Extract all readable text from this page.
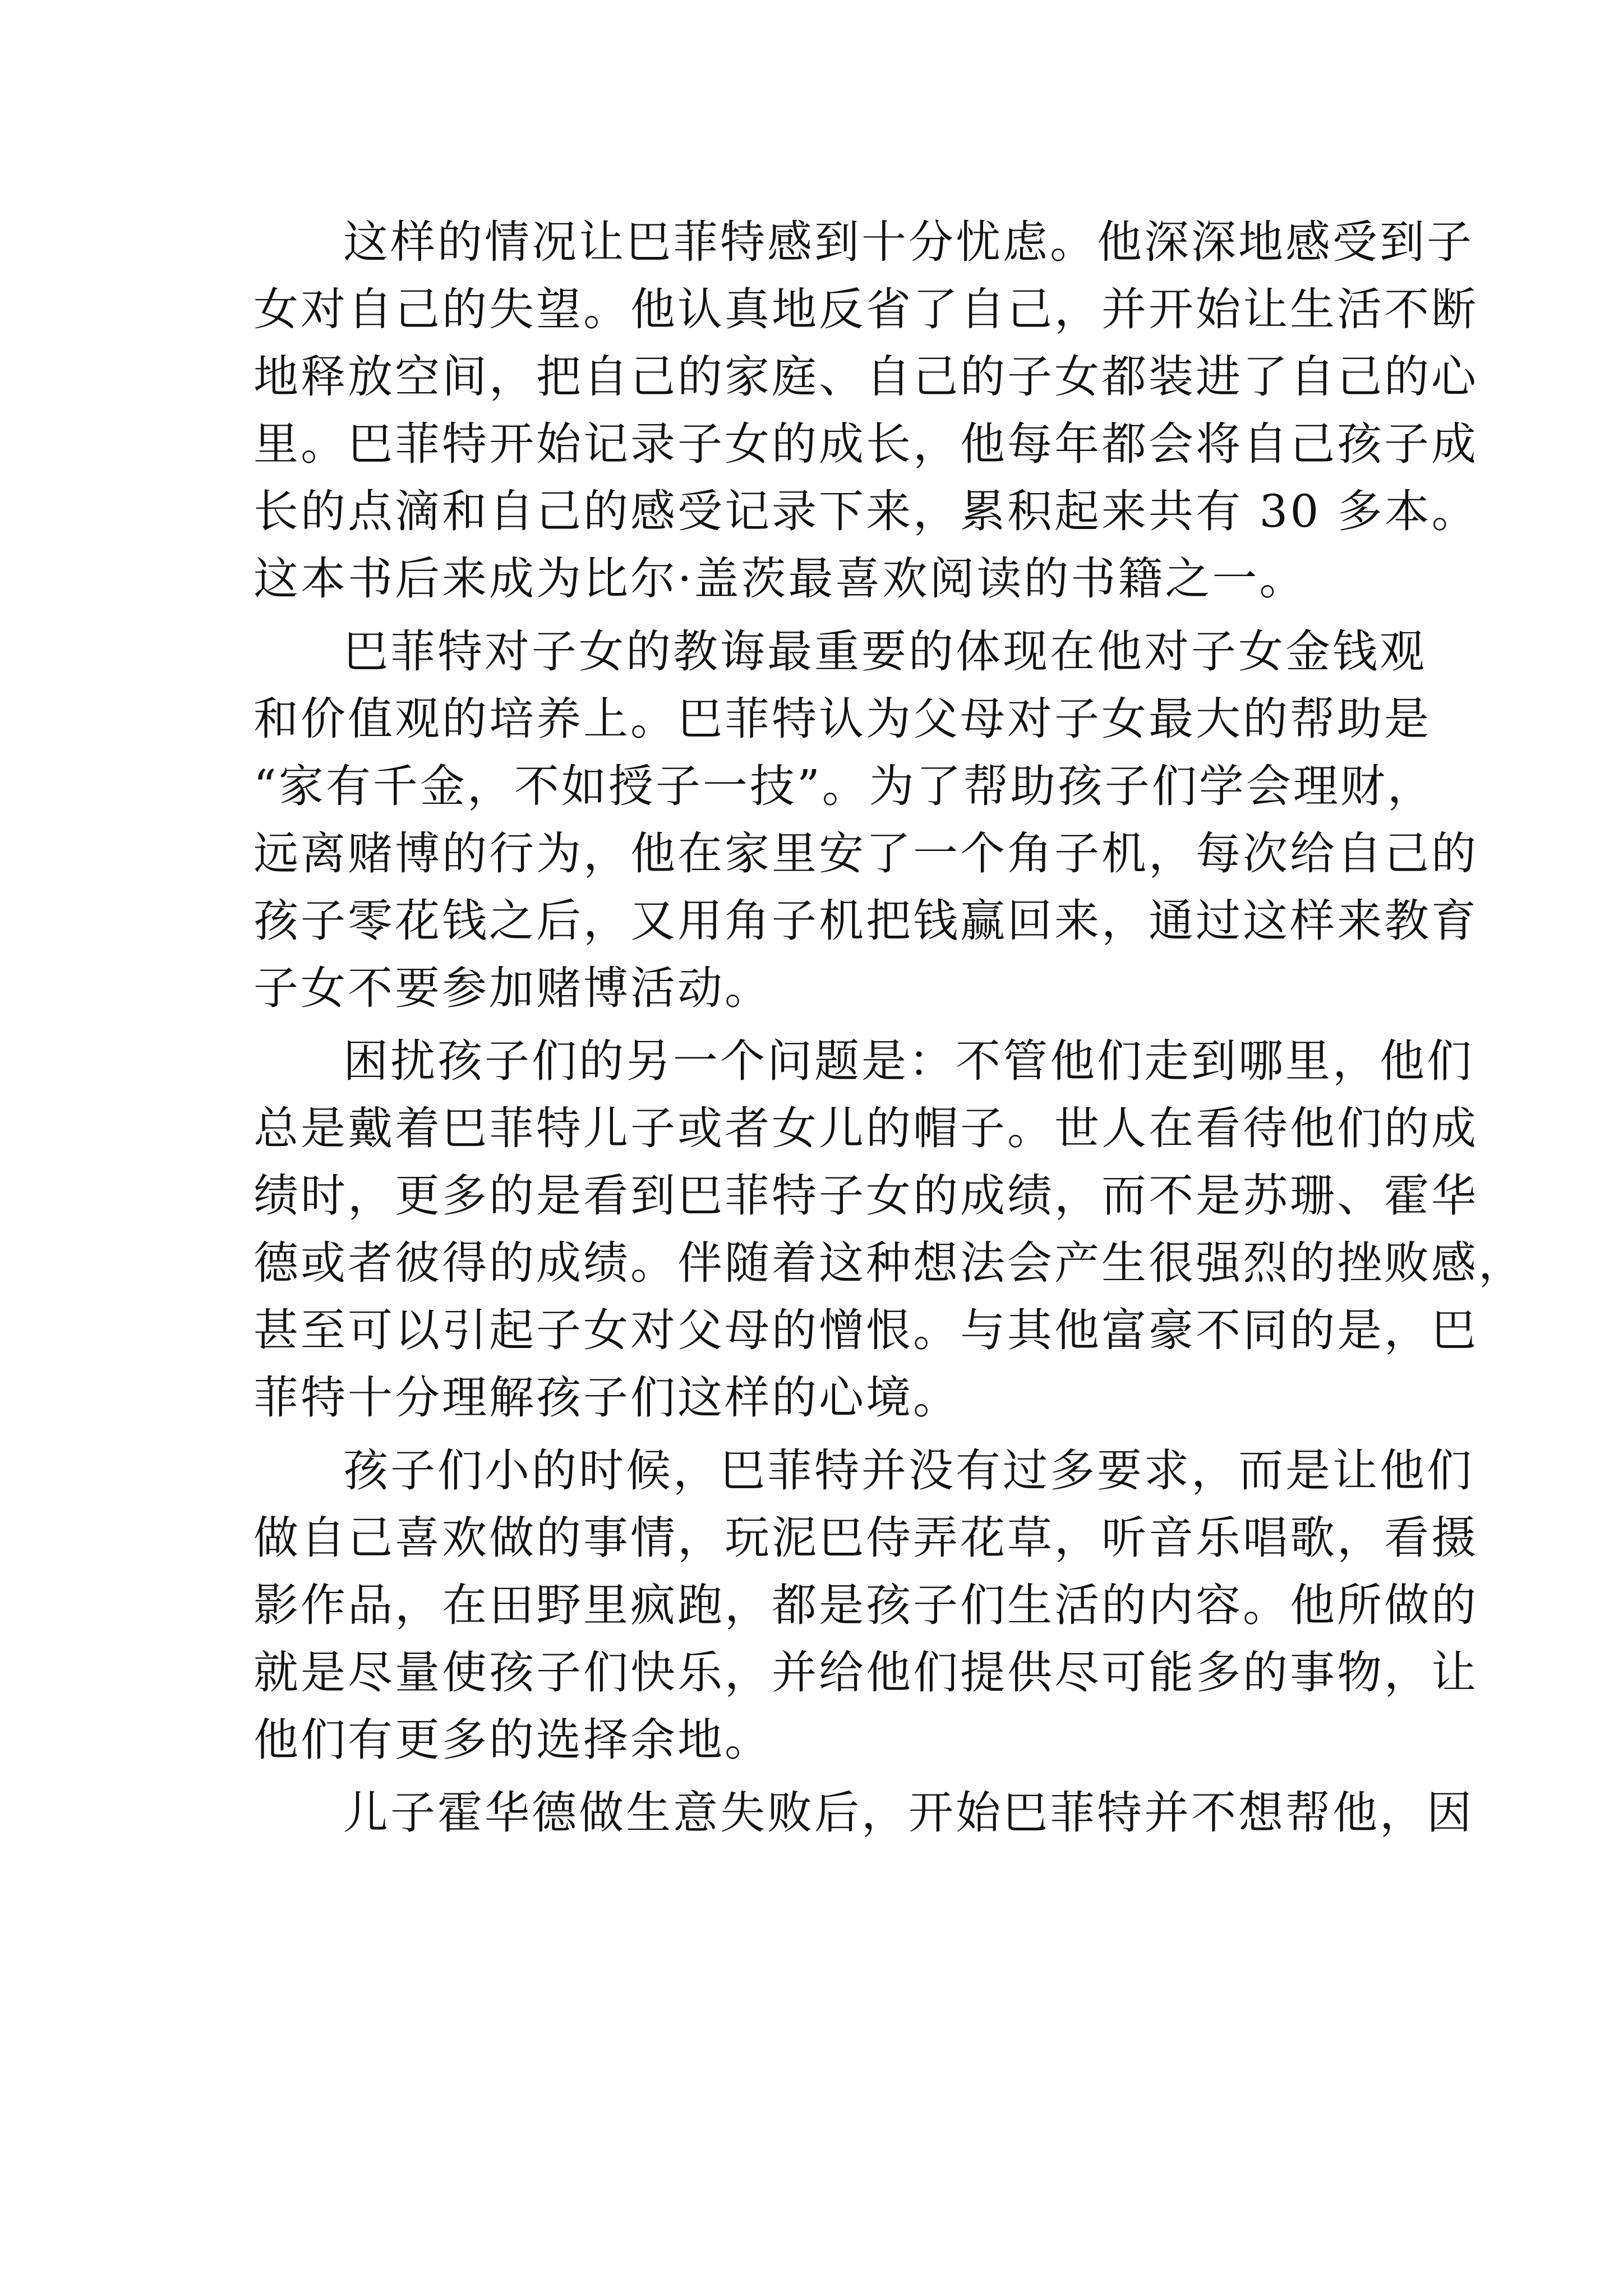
这样的情况让巴菲特感到十分忧虑。他深深地感受到子
女对自己的失望。他认真地反省了自己，并开始让生活不断
地释放空间，把自己的家庭、自己的子女都装进了自己的心
里。巴菲特开始记录子女的成长，他每年都会将自己孩子成
长的点滴和自己的感受记录下来，累积起来共有 30 多本。
这本书后来成为比尔·盖茨最喜欢阅读的书籍之一。
巴菲特对子女的教诲最重要的体现在他对子女金钱观
和价值观的培养上。巴菲特认为父母对子女最大的帮助是
“家有千金，不如授子一技”。为了帮助孩子们学会理财，
远离赌博的行为，他在家里安了一个角子机，每次给自己的
孩子零花钱之后，又用角子机把钱赢回来，通过这样来教育
子女不要参加赌博活动。
困扰孩子们的另一个问题是：不管他们走到哪里，他们
总是戴着巴菲特儿子或者女儿的帽子。世人在看待他们的成
绩时，更多的是看到巴菲特子女的成绩，而不是苏珊、霍华
德或者彼得的成绩。伴随着这种想法会产生很强烈的挫败感，
甚至可以引起子女对父母的憎恨。与其他富豪不同的是，巴
菲特十分理解孩子们这样的心境。
孩子们小的时候，巴菲特并没有过多要求，而是让他们
做自己喜欢做的事情，玩泥巴侍弄花草，听音乐唱歌，看摄
影作品，在田野里疯跑，都是孩子们生活的内容。他所做的
就是尽量使孩子们快乐，并给他们提供尽可能多的事物，让
他们有更多的选择余地。
儿子霍华德做生意失败后，开始巴菲特并不想帮他，因
